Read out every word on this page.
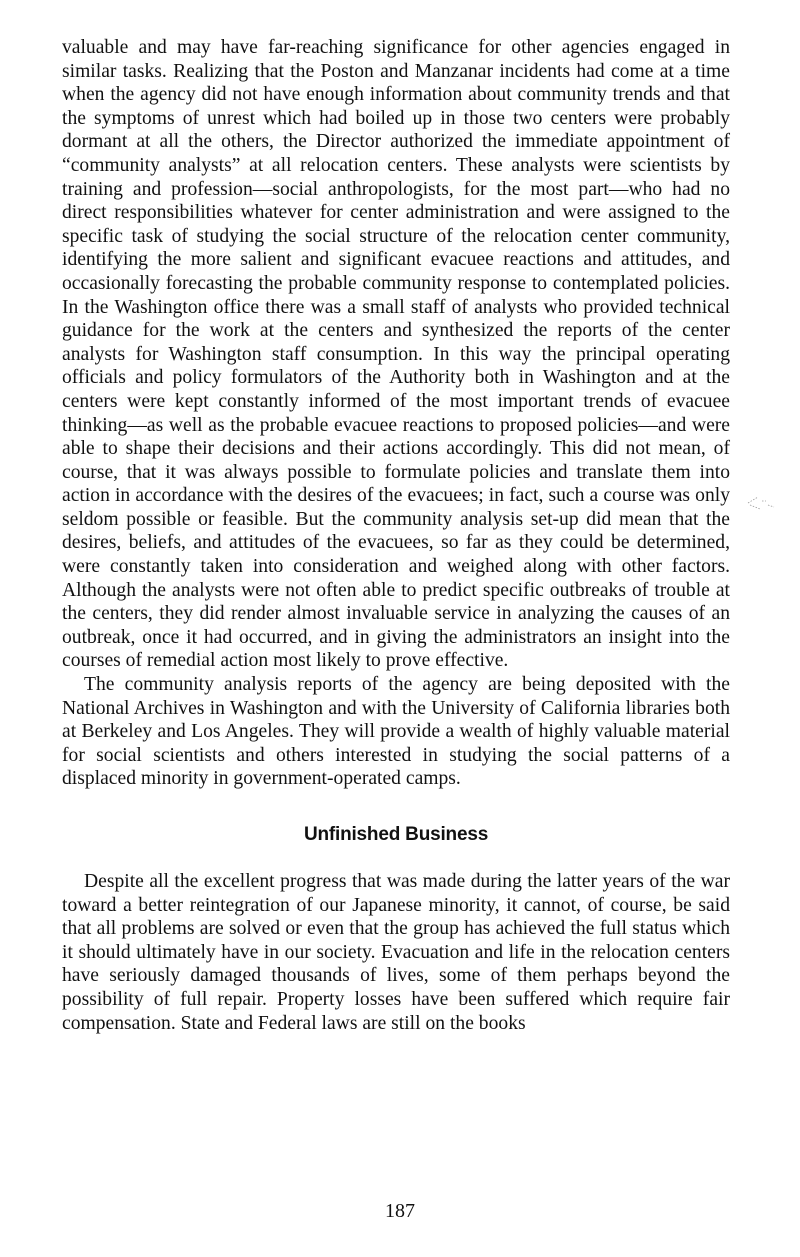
valuable and may have far-reaching significance for other agencies engaged in similar tasks. Realizing that the Poston and Manzanar incidents had come at a time when the agency did not have enough information about community trends and that the symptoms of unrest which had boiled up in those two centers were probably dormant at all the others, the Director authorized the immediate appointment of “community analysts” at all relocation centers. These analysts were scientists by training and profession—social anthropologists, for the most part—who had no direct responsibilities whatever for center administration and were assigned to the specific task of studying the social structure of the relocation center community, identifying the more salient and significant evacuee reactions and attitudes, and occasionally forecasting the probable community response to contemplated policies. In the Washington office there was a small staff of analysts who provided technical guidance for the work at the centers and synthesized the reports of the center analysts for Washington staff consumption. In this way the principal operating officials and policy formulators of the Authority both in Washington and at the centers were kept constantly informed of the most important trends of evacuee thinking—as well as the probable evacuee reactions to proposed policies—and were able to shape their decisions and their actions accordingly. This did not mean, of course, that it was always possible to formulate policies and translate them into action in accordance with the desires of the evacuees; in fact, such a course was only seldom possible or feasible. But the community analysis set-up did mean that the desires, beliefs, and attitudes of the evacuees, so far as they could be determined, were constantly taken into consideration and weighed along with other factors. Although the analysts were not often able to predict specific outbreaks of trouble at the centers, they did render almost invaluable service in analyzing the causes of an outbreak, once it had occurred, and in giving the administrators an insight into the courses of remedial action most likely to prove effective.

The community analysis reports of the agency are being deposited with the National Archives in Washington and with the University of California libraries both at Berkeley and Los Angeles. They will provide a wealth of highly valuable material for social scientists and others interested in studying the social patterns of a displaced minority in government-operated camps.

Unfinished Business

Despite all the excellent progress that was made during the latter years of the war toward a better reintegration of our Japanese minority, it cannot, of course, be said that all problems are solved or even that the group has achieved the full status which it should ultimately have in our society. Evacuation and life in the relocation centers have seriously damaged thousands of lives, some of them perhaps beyond the possibility of full repair. Property losses have been suffered which require fair compensation. State and Federal laws are still on the books

187
